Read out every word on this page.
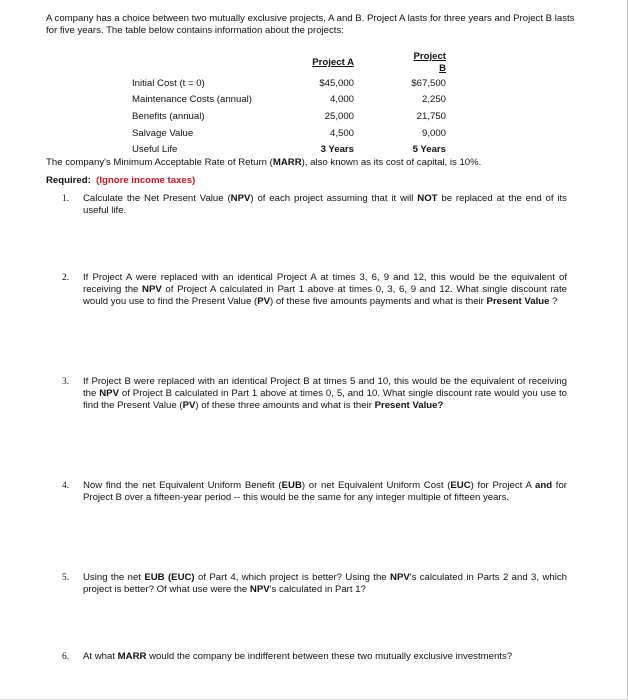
A company has a choice between two mutually exclusive projects, A and B. Project A lasts for three years and Project B lasts for five years. The table below contains information about the projects:
	Project A		Project B
Initial Cost (t = 0)	$45,000		$67,500
Maintenance Costs (annual)	4,000		2,250
Benefits (annual)	25,000		21,750
Salvage Value	4,500		9,000
Useful Life	3 Years		5 Years
The company's Minimum Acceptable Rate of Return (MARR), also known as its cost of capital, is 10%.
Required: (Ignore income taxes)
1.	Calculate the Net Present Value (NPV) of each project assuming that it will NOT be replaced at the end of its useful life.
2.	If Project A were replaced with an identical Project A at times 3, 6, 9 and 12, this would be the equivalent of receiving the NPV of Project A calculated in Part 1 above at times 0, 3, 6, 9 and 12. What single discount rate would you use to find the Present Value (PV) of these five amounts payments and what is their Present Value ?
3.	If Project B were replaced with an identical Project B at times 5 and 10, this would be the equivalent of receiving the NPV of Project B calculated in Part 1 above at times 0, 5, and 10. What single discount rate would you use to find the Present Value (PV) of these three amounts and what is their Present Value?
4.	Now find the net Equivalent Uniform Benefit (EUB) or net Equivalent Uniform Cost (EUC) for Project A and for Project B over a fifteen-year period -- this would be the same for any integer multiple of fifteen years.
5.	Using the net EUB (EUC) of Part 4, which project is better? Using the NPV's calculated in Parts 2 and 3, which project is better? Of what use were the NPV's calculated in Part 1?
6.	At what MARR would the company be indifferent between these two mutually exclusive investments?
